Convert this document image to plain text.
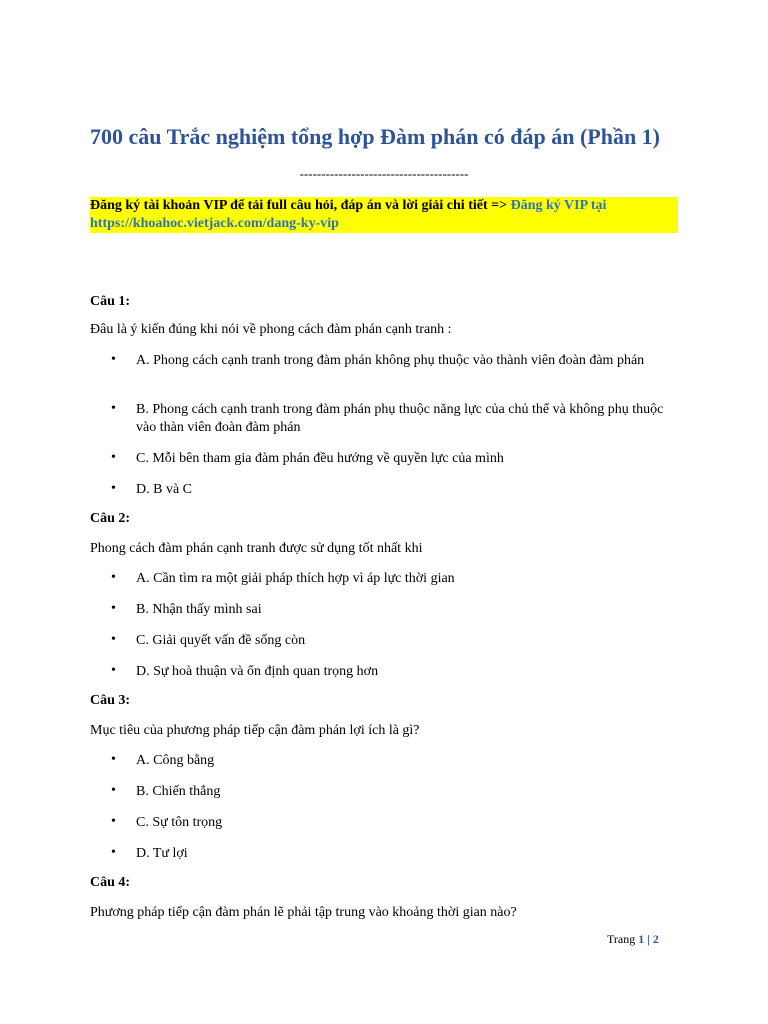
700 câu Trắc nghiệm tổng hợp Đàm phán có đáp án (Phần 1)
---------------------------------------
Đăng ký tài khoản VIP để tải full câu hỏi, đáp án và lời giải chi tiết => Đăng ký VIP tại https://khoahoc.vietjack.com/dang-ky-vip
Câu 1:
Đâu là ý kiến đúng khi nói về phong cách đàm phán cạnh tranh :
• A. Phong cách cạnh tranh trong đàm phán không phụ thuộc vào thành viên đoàn đàm phán
• B. Phong cách cạnh tranh trong đàm phán phụ thuộc năng lực của chủ thể và không phụ thuộc vào thàn viên đoàn đàm phán
• C. Mỗi bên tham gia đàm phán đều hướng về quyền lực của mình
• D. B và C
Câu 2:
Phong cách đàm phán cạnh tranh được sử dụng tốt nhất khi
• A. Cần tìm ra một giải pháp thích hợp vì áp lực thời gian
• B. Nhận thấy mình sai
• C. Giải quyết vấn đề sống còn
• D. Sự hoà thuận và ổn định quan trọng hơn
Câu 3:
Mục tiêu của phương pháp tiếp cận đàm phán lợi ích là gì?
• A. Công bằng
• B. Chiến thắng
• C. Sự tôn trọng
• D. Tư lợi
Câu 4:
Phương pháp tiếp cận đàm phán lẽ phải tập trung vào khoảng thời gian nào?
Trang 1 | 2
